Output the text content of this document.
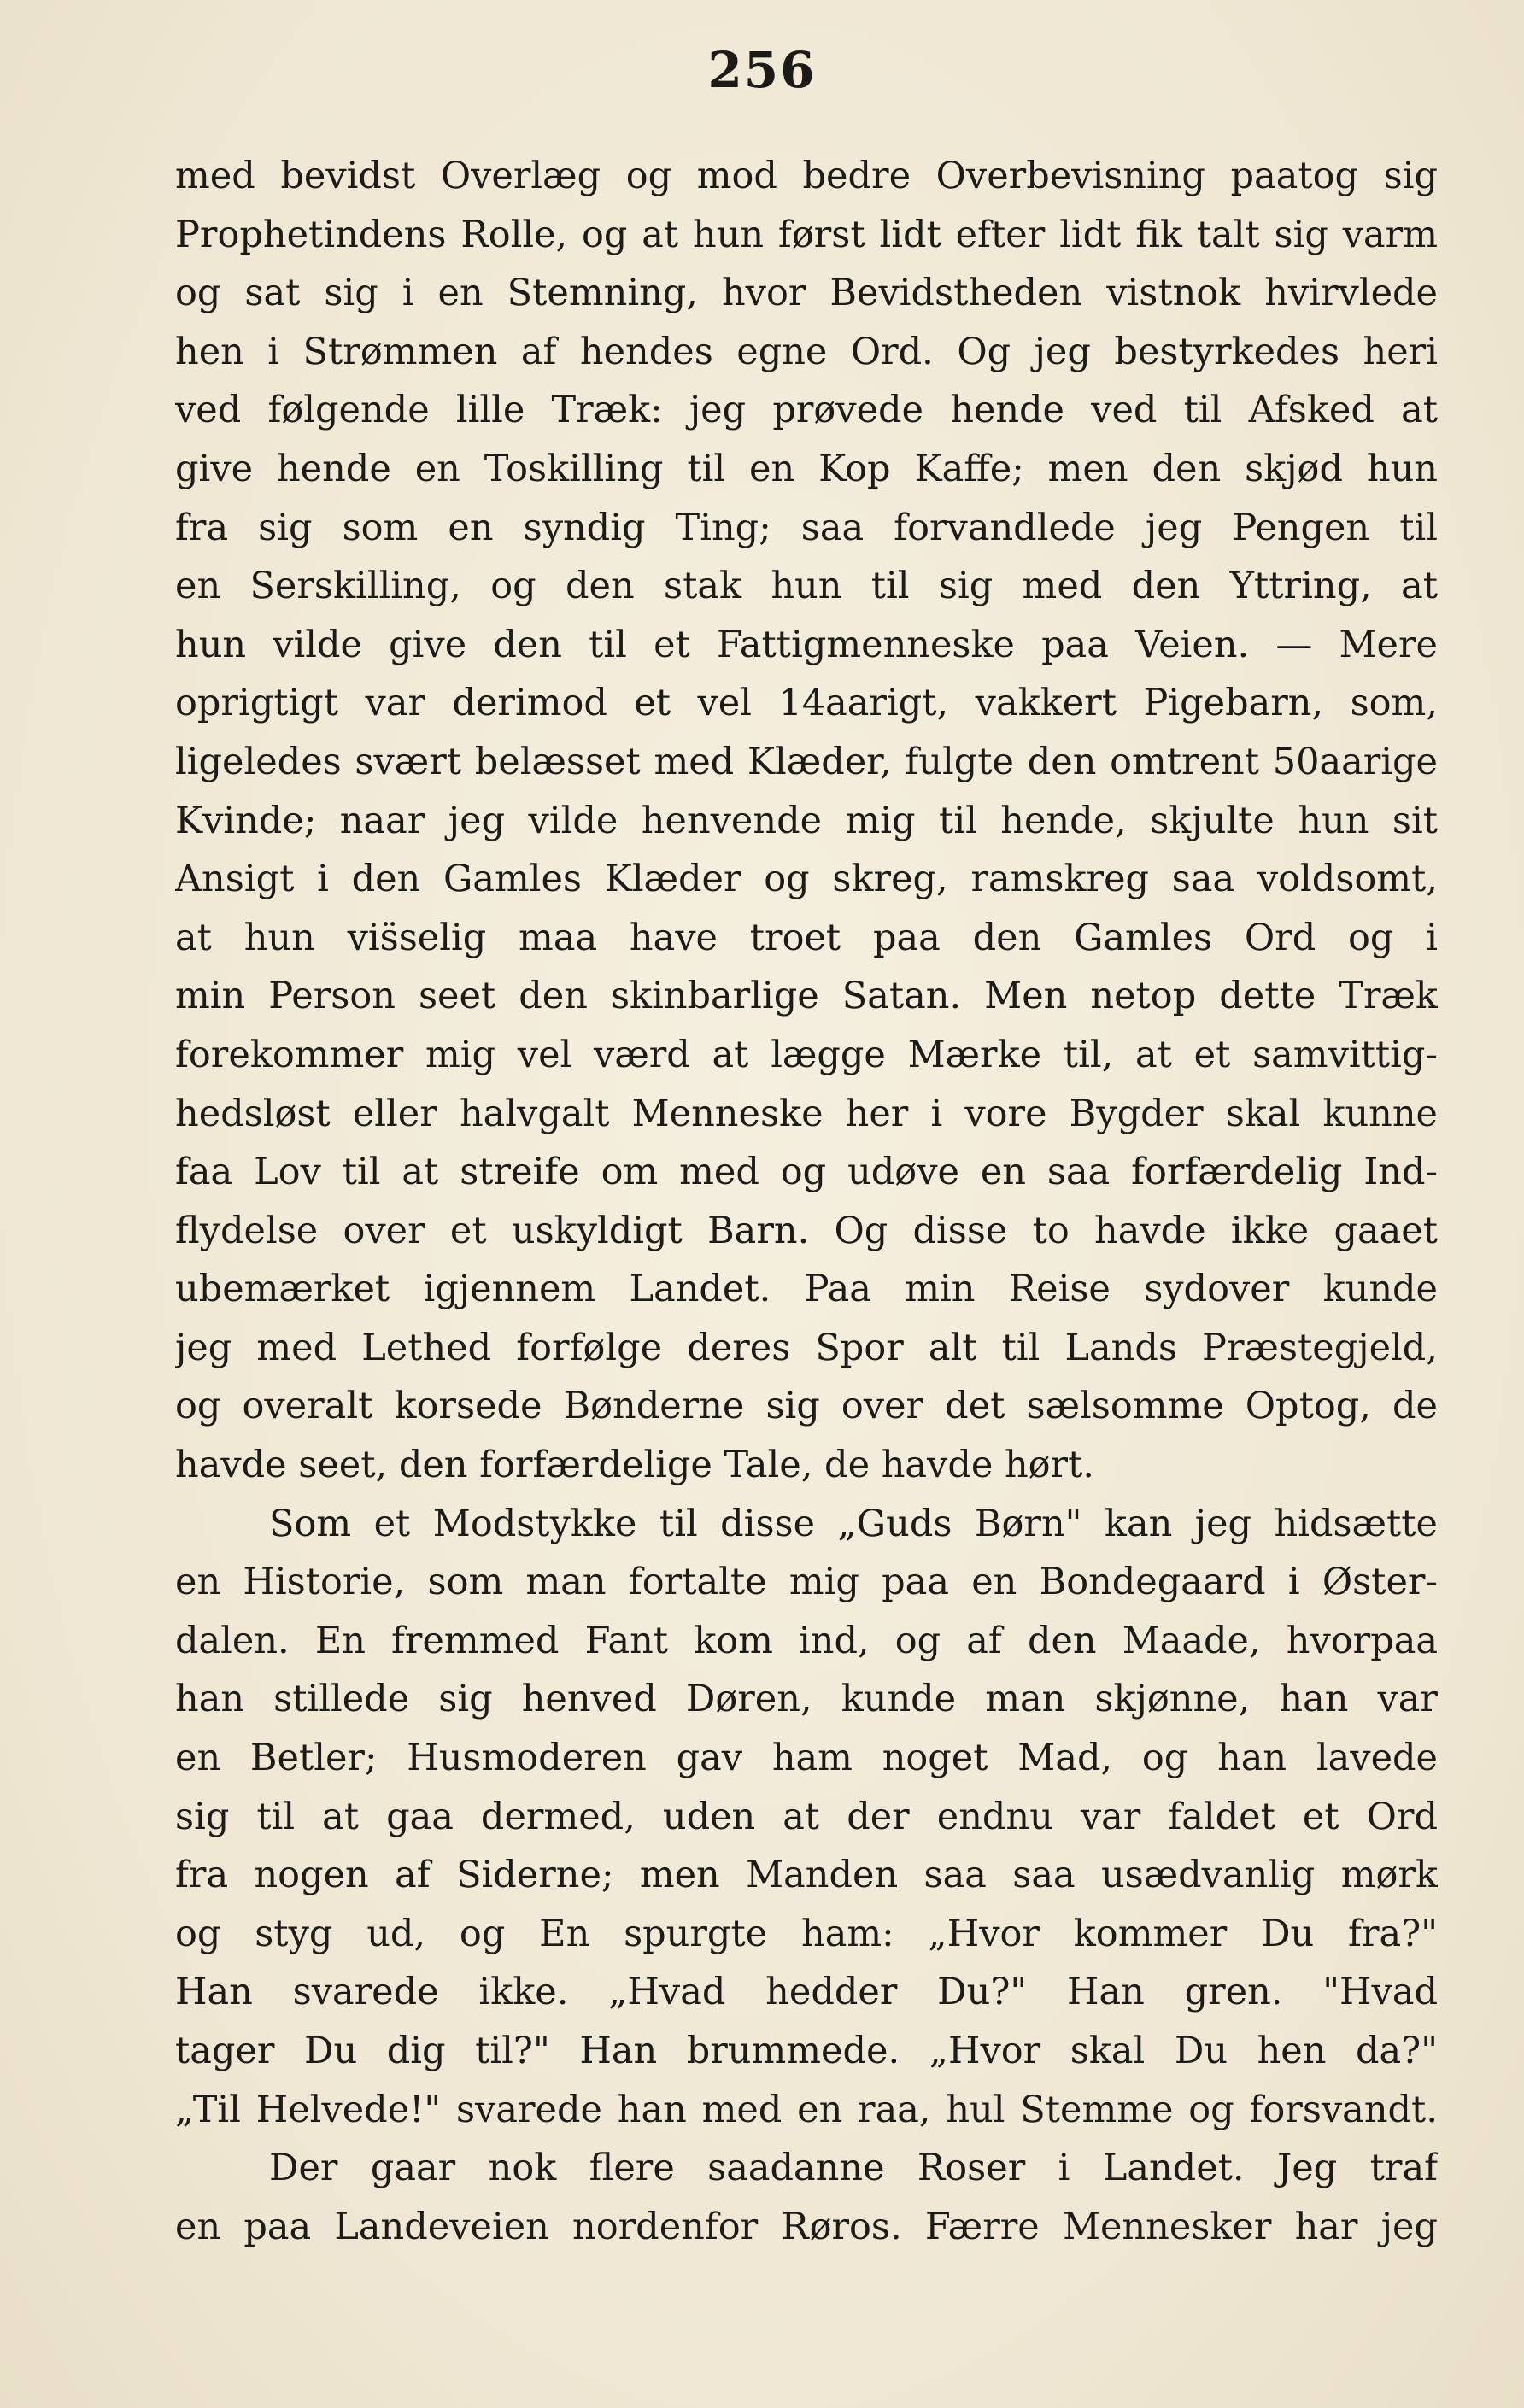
256
med bevidst Overlæg og mod bedre Overbevisning paatog sig
Prophetindens Rolle, og at hun først lidt efter lidt fik talt sig varm
og sat sig i en Stemning, hvor Bevidstheden vistnok hvirvlede
hen i Strømmen af hendes egne Ord. Og jeg bestyrkedes heri
ved følgende lille Træk: jeg prøvede hende ved til Afsked at
give hende en Toskilling til en Kop Kaffe; men den skjød hun
fra sig som en syndig Ting; saa forvandlede jeg Pengen til
en Serskilling, og den stak hun til sig med den Yttring, at
hun vilde give den til et Fattigmenneske paa Veien. — Mere
oprigtigt var derimod et vel 14aarigt, vakkert Pigebarn, som,
ligeledes svært belæsset med Klæder, fulgte den omtrent 50aarige
Kvinde; naar jeg vilde henvende mig til hende, skjulte hun sit
Ansigt i den Gamles Klæder og skreg, ramskreg saa voldsomt,
at hun vis̈selig maa have troet paa den Gamles Ord og i
min Person seet den skinbarlige Satan. Men netop dette Træk
forekommer mig vel værd at lægge Mærke til, at et samvittig-
hedsløst eller halvgalt Menneske her i vore Bygder skal kunne
faa Lov til at streife om med og udøve en saa forfærdelig Ind-
flydelse over et uskyldigt Barn. Og disse to havde ikke gaaet
ubemærket igjennem Landet. Paa min Reise sydover kunde
jeg med Lethed forfølge deres Spor alt til Lands Præstegjeld,
og overalt korsede Bønderne sig over det sælsomme Optog, de
havde seet, den forfærdelige Tale, de havde hørt.
Som et Modstykke til disse „Guds Børn" kan jeg hidsætte
en Historie, som man fortalte mig paa en Bondegaard i Øster-
dalen. En fremmed Fant kom ind, og af den Maade, hvorpaa
han stillede sig henved Døren, kunde man skjønne, han var
en Betler; Husmoderen gav ham noget Mad, og han lavede
sig til at gaa dermed, uden at der endnu var faldet et Ord
fra nogen af Siderne; men Manden saa saa usædvanlig mørk
og styg ud, og En spurgte ham: „Hvor kommer Du fra?"
Han svarede ikke. „Hvad hedder Du?" Han gren. "Hvad
tager Du dig til?" Han brummede. „Hvor skal Du hen da?"
„Til Helvede!" svarede han med en raa, hul Stemme og forsvandt.
Der gaar nok flere saadanne Roser i Landet. Jeg traf
en paa Landeveien nordenfor Røros. Færre Mennesker har jeg
